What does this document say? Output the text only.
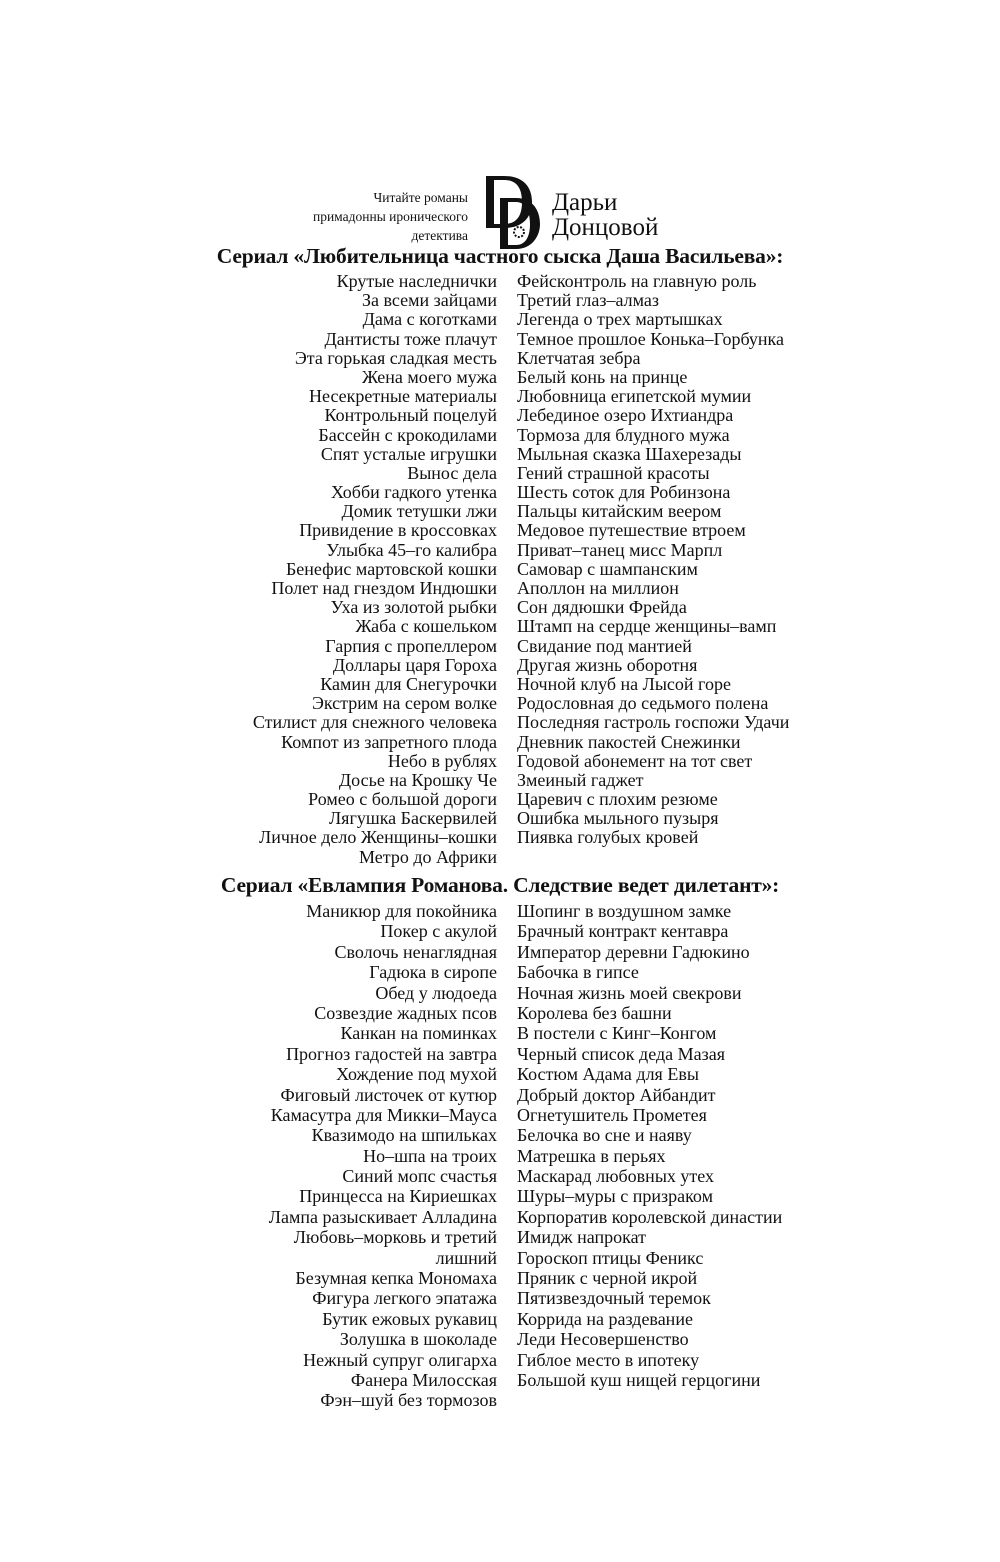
Читайте романы
примадонны иронического
детектива
Дарьи
Донцовой
Сериал «Любительница частного сыска Даша Васильева»:
Крутые наследнички
За всеми зайцами
Дама с коготками
Дантисты тоже плачут
Эта горькая сладкая месть
Жена моего мужа
Несекретные материалы
Контрольный поцелуй
Бассейн с крокодилами
Спят усталые игрушки
Вынос дела
Хобби гадкого утенка
Домик тетушки лжи
Привидение в кроссовках
Улыбка 45–го калибра
Бенефис мартовской кошки
Полет над гнездом Индюшки
Уха из золотой рыбки
Жаба с кошельком
Гарпия с пропеллером
Доллары царя Гороха
Камин для Снегурочки
Экстрим на сером волке
Стилист для снежного человека
Компот из запретного плода
Небо в рублях
Досье на Крошку Че
Ромео с большой дороги
Лягушка Баскервилей
Личное дело Женщины–кошки
Метро до Африки
Фейсконтроль на главную роль
Третий глаз–алмаз
Легенда о трех мартышках
Темное прошлое Конька–Горбунка
Клетчатая зебра
Белый конь на принце
Любовница египетской мумии
Лебединое озеро Ихтиандра
Тормоза для блудного мужа
Мыльная сказка Шахерезады
Гений страшной красоты
Шесть соток для Робинзона
Пальцы китайским веером
Медовое путешествие втроем
Приват–танец мисс Марпл
Самовар с шампанским
Аполлон на миллион
Сон дядюшки Фрейда
Штамп на сердце женщины–вамп
Свидание под мантией
Другая жизнь оборотня
Ночной клуб на Лысой горе
Родословная до седьмого полена
Последняя гастроль госпожи Удачи
Дневник пакостей Снежинки
Годовой абонемент на тот свет
Змеиный гаджет
Царевич с плохим резюме
Ошибка мыльного пузыря
Пиявка голубых кровей
Сериал «Евлампия Романова. Следствие ведет дилетант»:
Маникюр для покойника
Покер с акулой
Сволочь ненаглядная
Гадюка в сиропе
Обед у людоеда
Созвездие жадных псов
Канкан на поминках
Прогноз гадостей на завтра
Хождение под мухой
Фиговый листочек от кутюр
Камасутра для Микки–Мауса
Квазимодо на шпильках
Но–шпа на троих
Синий мопс счастья
Принцесса на Кириешках
Лампа разыскивает Алладина
Любовь–морковь и третий
лишний
Безумная кепка Мономаха
Фигура легкого эпатажа
Бутик ежовых рукавиц
Золушка в шоколаде
Нежный супруг олигарха
Фанера Милосская
Фэн–шуй без тормозов
Шопинг в воздушном замке
Брачный контракт кентавра
Император деревни Гадюкино
Бабочка в гипсе
Ночная жизнь моей свекрови
Королева без башни
В постели с Кинг–Конгом
Черный список деда Мазая
Костюм Адама для Евы
Добрый доктор Айбандит
Огнетушитель Прометея
Белочка во сне и наяву
Матрешка в перьях
Маскарад любовных утех
Шуры–муры с призраком
Корпоратив королевской династии
Имидж напрокат
Гороскоп птицы Феникс
Пряник с черной икрой
Пятизвездочный теремок
Коррида на раздевание
Леди Несовершенство
Гиблое место в ипотеку
Большой куш нищей герцогини
